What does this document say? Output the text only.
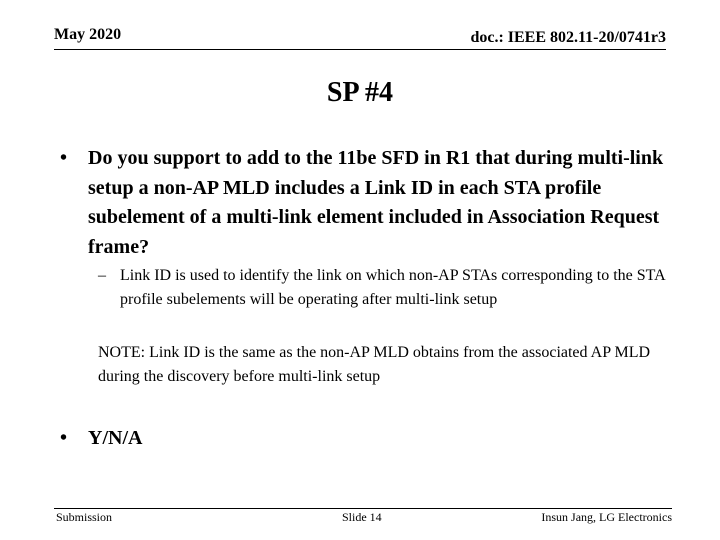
May 2020	doc.: IEEE 802.11-20/0741r3
SP #4
• Do you support to add to the 11be SFD in R1 that during multi-link setup a non-AP MLD includes a Link ID in each STA profile subelement of a multi-link element included in Association Request frame?
– Link ID is used to identify the link on which non-AP STAs corresponding to the STA profile subelements will be operating after multi-link setup
NOTE: Link ID is the same as the non-AP MLD obtains from the associated AP MLD during the discovery before multi-link setup
• Y/N/A
Submission	Slide 14	Insun Jang, LG Electronics
